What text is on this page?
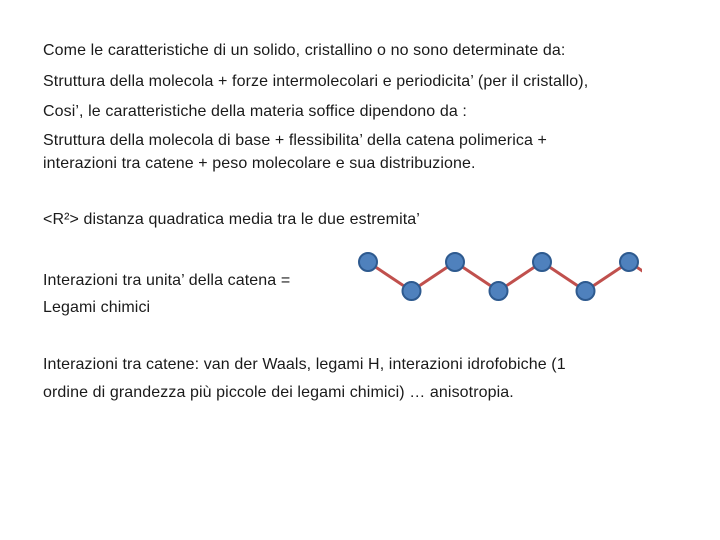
Come le caratteristiche di un solido, cristallino o no sono determinate da:
Struttura della molecola + forze intermolecolari e periodicita’ (per il cristallo),
Cosi’, le caratteristiche della materia soffice dipendono da :
Struttura della molecola di base + flessibilita’ della catena polimerica +
interazioni tra catene + peso molecolare e sua distribuzione.
<R²> distanza quadratica media tra le due estremita’
Interazioni tra unita’ della catena =
Legami chimici
Interazioni tra catene: van der Waals, legami H, interazioni idrofobiche (1
ordine di grandezza più piccole dei legami chimici) … anisotropia.
